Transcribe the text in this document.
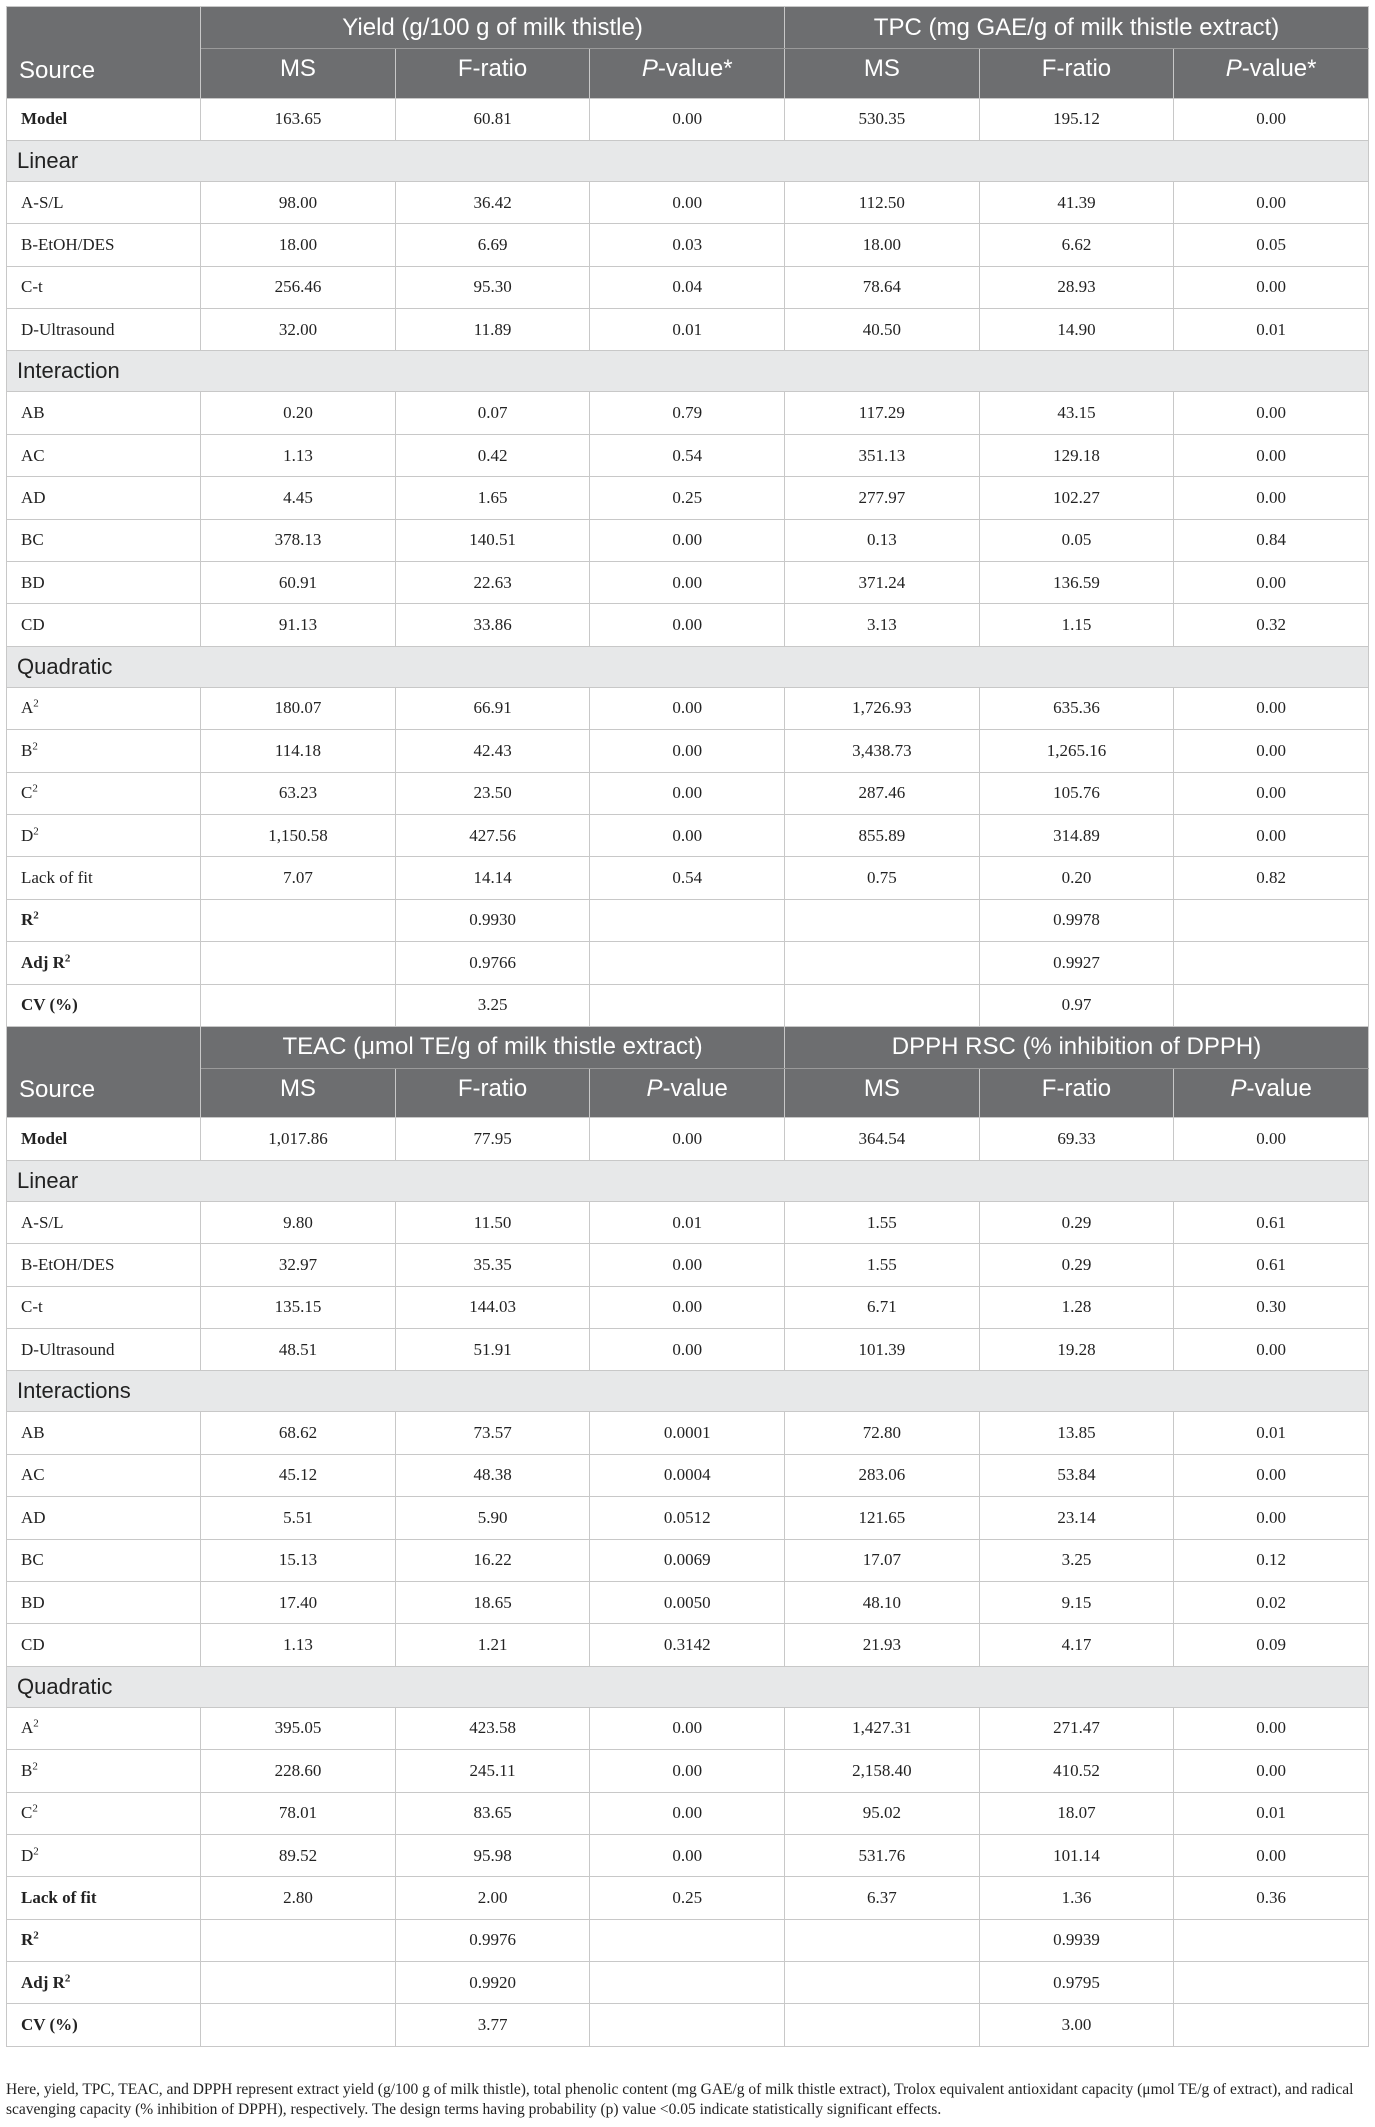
	Yield (g/100 g of milk thistle)			TPC (mg GAE/g of milk thistle extract)		
Source	MS	F-ratio	P-value*	MS	F-ratio	P-value*
Model	163.65	60.81	0.00	530.35	195.12	0.00
Linear						
A-S/L	98.00	36.42	0.00	112.50	41.39	0.00
B-EtOH/DES	18.00	6.69	0.03	18.00	6.62	0.05
C-t	256.46	95.30	0.04	78.64	28.93	0.00
D-Ultrasound	32.00	11.89	0.01	40.50	14.90	0.01
Interaction						
AB	0.20	0.07	0.79	117.29	43.15	0.00
AC	1.13	0.42	0.54	351.13	129.18	0.00
AD	4.45	1.65	0.25	277.97	102.27	0.00
BC	378.13	140.51	0.00	0.13	0.05	0.84
BD	60.91	22.63	0.00	371.24	136.59	0.00
CD	91.13	33.86	0.00	3.13	1.15	0.32
Quadratic						
$A^2$	180.07	66.91	0.00	1,726.93	635.36	0.00
$B^2$	114.18	42.43	0.00	3,438.73	1,265.16	0.00
$C^2$	63.23	23.50	0.00	287.46	105.76	0.00
$D^2$	1,150.58	427.56	0.00	855.89	314.89	0.00
Lack of fit	7.07	14.14	0.54	0.75	0.20	0.82
$R^2$		0.9930			0.9978	
Adj $R^2$		0.9766			0.9927	
CV (%)		3.25			0.97	
	TEAC (μmol TE/g of milk thistle extract)			DPPH RSC (% inhibition of DPPH)		
Source	MS	F-ratio	P-value	MS	F-ratio	P-value
Model	1,017.86	77.95	0.00	364.54	69.33	0.00
Linear						
A-S/L	9.80	11.50	0.01	1.55	0.29	0.61
B-EtOH/DES	32.97	35.35	0.00	1.55	0.29	0.61
C-t	135.15	144.03	0.00	6.71	1.28	0.30
D-Ultrasound	48.51	51.91	0.00	101.39	19.28	0.00
Interactions						
AB	68.62	73.57	0.0001	72.80	13.85	0.01
AC	45.12	48.38	0.0004	283.06	53.84	0.00
AD	5.51	5.90	0.0512	121.65	23.14	0.00
BC	15.13	16.22	0.0069	17.07	3.25	0.12
BD	17.40	18.65	0.0050	48.10	9.15	0.02
CD	1.13	1.21	0.3142	21.93	4.17	0.09
Quadratic						
$A^2$	395.05	423.58	0.00	1,427.31	271.47	0.00
$B^2$	228.60	245.11	0.00	2,158.40	410.52	0.00
$C^2$	78.01	83.65	0.00	95.02	18.07	0.01
$D^2$	89.52	95.98	0.00	531.76	101.14	0.00
Lack of fit	2.80	2.00	0.25	6.37	1.36	0.36
$R^2$		0.9976			0.9939	
Adj $R^2$		0.9920			0.9795	
CV (%)		3.77			3.00	
Here, yield, TPC, TEAC, and DPPH represent extract yield (g/100 g of milk thistle), total phenolic content (mg GAE/g of milk thistle extract), Trolox equivalent antioxidant capacity (μmol TE/g of extract), and radical scavenging capacity (% inhibition of DPPH), respectively. The design terms having probability (p) value <0.05 indicate statistically significant effects.
